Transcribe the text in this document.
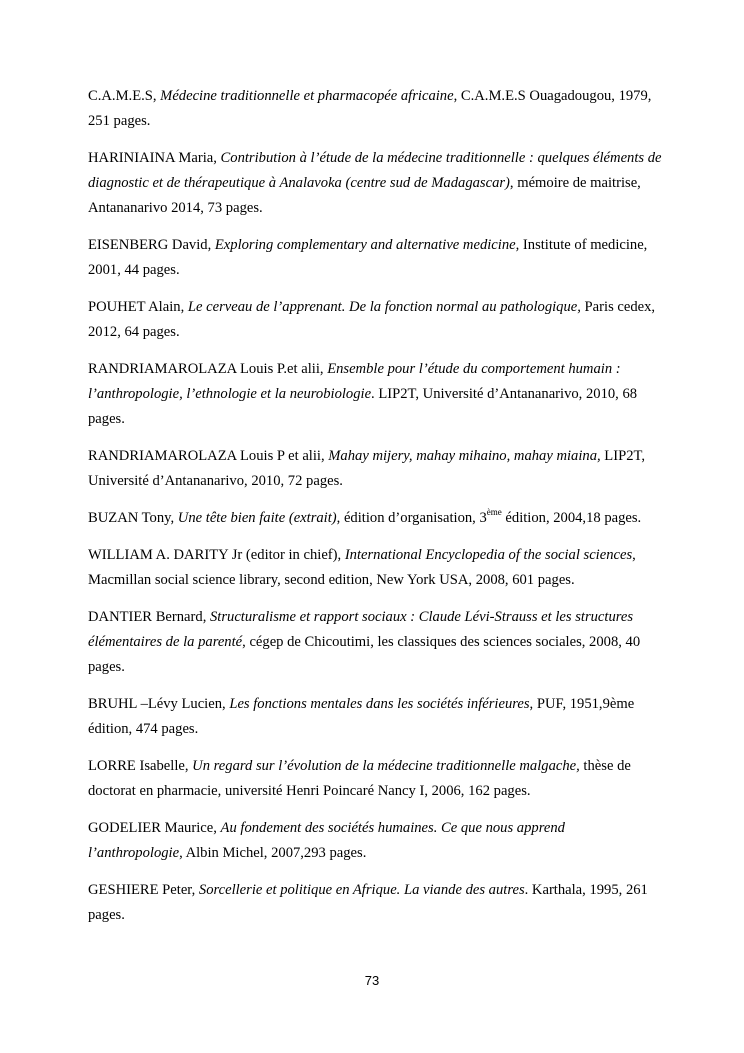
C.A.M.E.S, Médecine traditionnelle et pharmacopée africaine, C.A.M.E.S Ouagadougou, 1979, 251 pages.

HARINIAINA Maria, Contribution à l’étude de la médecine traditionnelle : quelques éléments de diagnostic et de thérapeutique à Analavoka (centre sud de Madagascar), mémoire de maitrise, Antananarivo 2014, 73 pages.

EISENBERG David, Exploring complementary and alternative medicine, Institute of medicine, 2001, 44 pages.

POUHET Alain, Le cerveau de l’apprenant. De la fonction normal au pathologique, Paris cedex, 2012, 64 pages.

RANDRIAMAROLAZA Louis P.et alii, Ensemble pour l’étude du comportement humain : l’anthropologie, l’ethnologie et la neurobiologie. LIP2T, Université d’Antananarivo, 2010, 68 pages.

RANDRIAMAROLAZA Louis P et alii, Mahay mijery, mahay mihaino, mahay miaina, LIP2T, Université d’Antananarivo, 2010, 72 pages.

BUZAN Tony, Une tête bien faite (extrait), édition d’organisation, 3ème édition, 2004,18 pages.

WILLIAM A. DARITY Jr (editor in chief), International Encyclopedia of the social sciences, Macmillan social science library, second edition, New York USA, 2008, 601 pages.

DANTIER Bernard, Structuralisme et rapport sociaux : Claude Lévi-Strauss et les structures élémentaires de la parenté, cégep de Chicoutimi, les classiques des sciences sociales, 2008, 40 pages.

BRUHL –Lévy Lucien, Les fonctions mentales dans les sociétés inférieures, PUF, 1951,9ème édition, 474 pages.

LORRE Isabelle, Un regard sur l’évolution de la médecine traditionnelle malgache, thèse de doctorat en pharmacie, université Henri Poincaré Nancy I, 2006, 162 pages.

GODELIER Maurice, Au fondement des sociétés humaines. Ce que nous apprend l’anthropologie, Albin Michel, 2007,293 pages.

GESHIERE Peter, Sorcellerie et politique en Afrique. La viande des autres. Karthala, 1995, 261 pages.

73
